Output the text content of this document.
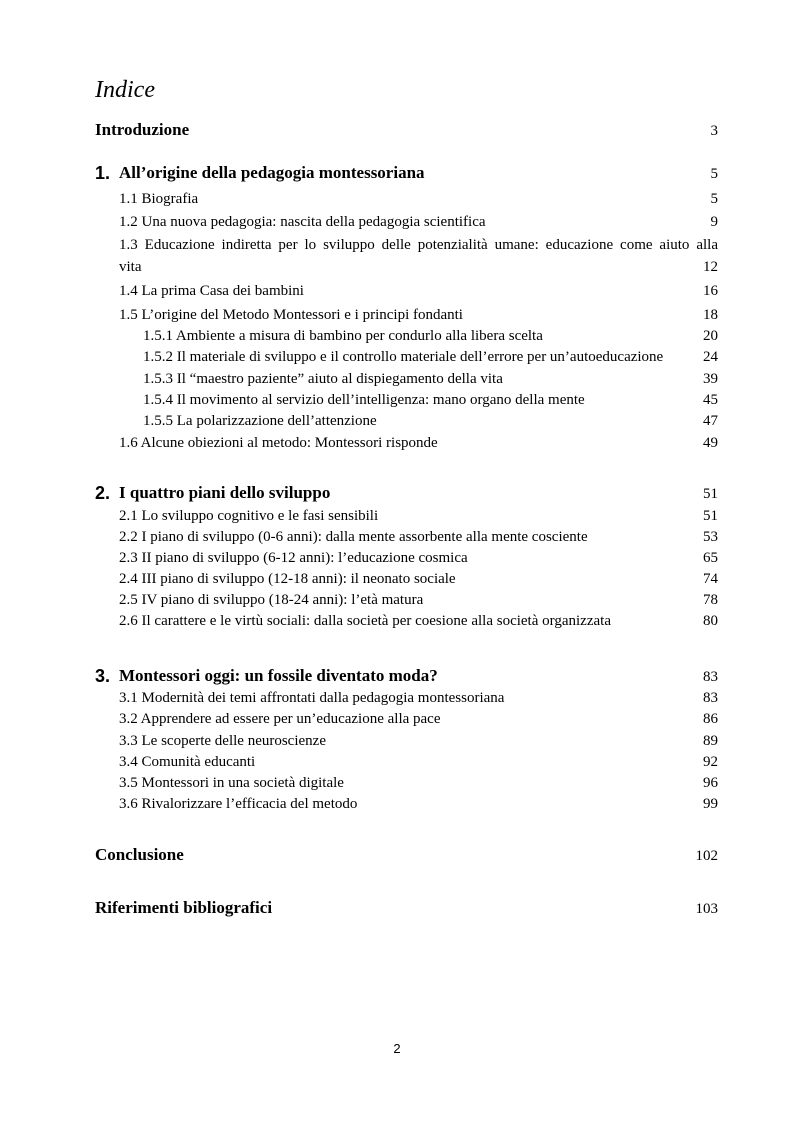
Indice
Introduzione	3
1. All’origine della pedagogia montessoriana	5
1.1 Biografia	5
1.2 Una nuova pedagogia: nascita della pedagogia scientifica	9
1.3 Educazione indiretta per lo sviluppo delle potenzialità umane: educazione come aiuto alla
vita	12
1.4 La prima Casa dei bambini	16
1.5 L’origine del Metodo Montessori e i principi fondanti	18
1.5.1 Ambiente a misura di bambino per condurlo alla libera scelta	20
1.5.2 Il materiale di sviluppo e il controllo materiale dell’errore per un’autoeducazione	24
1.5.3 Il “maestro paziente” aiuto al dispiegamento della vita	39
1.5.4 Il movimento al servizio dell’intelligenza: mano organo della mente	45
1.5.5 La polarizzazione dell’attenzione	47
1.6 Alcune obiezioni al metodo: Montessori risponde	49
2. I quattro piani dello sviluppo	51
2.1 Lo sviluppo cognitivo e le fasi sensibili	51
2.2 I piano di sviluppo (0-6 anni): dalla mente assorbente alla mente cosciente	53
2.3 II piano di sviluppo (6-12 anni): l’educazione cosmica	65
2.4 III piano di sviluppo (12-18 anni): il neonato sociale	74
2.5 IV piano di sviluppo (18-24 anni): l’età matura	78
2.6 Il carattere e le virtù sociali: dalla società per coesione alla società organizzata	80
3. Montessori oggi: un fossile diventato moda?	83
3.1 Modernità dei temi affrontati dalla pedagogia montessoriana	83
3.2 Apprendere ad essere per un’educazione alla pace	86
3.3 Le scoperte delle neuroscienze	89
3.4 Comunità educanti	92
3.5 Montessori in una società digitale	96
3.6 Rivalorizzare l’efficacia del metodo	99
Conclusione	102
Riferimenti bibliografici	103
2
